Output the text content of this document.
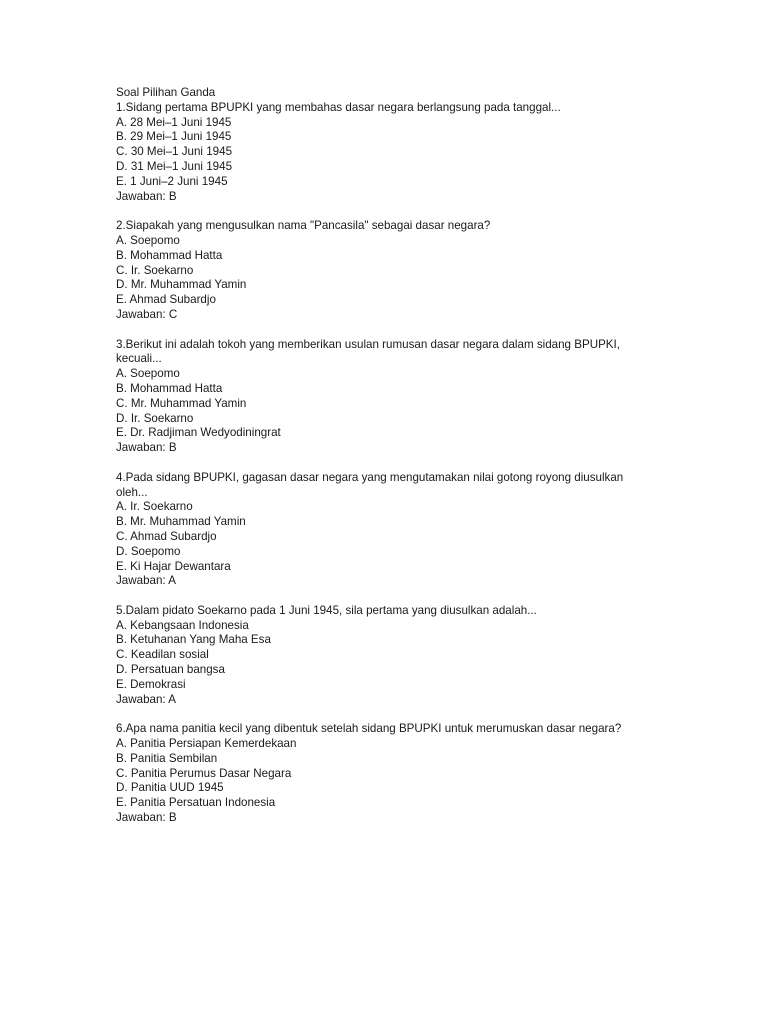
Soal Pilihan Ganda
1.Sidang pertama BPUPKI yang membahas dasar negara berlangsung pada tanggal...
A. 28 Mei–1 Juni 1945
B. 29 Mei–1 Juni 1945
C. 30 Mei–1 Juni 1945
D. 31 Mei–1 Juni 1945
E. 1 Juni–2 Juni 1945
Jawaban: B
2.Siapakah yang mengusulkan nama "Pancasila" sebagai dasar negara?
A. Soepomo
B. Mohammad Hatta
C. Ir. Soekarno
D. Mr. Muhammad Yamin
E. Ahmad Subardjo
Jawaban: C
3.Berikut ini adalah tokoh yang memberikan usulan rumusan dasar negara dalam sidang BPUPKI, kecuali...
A. Soepomo
B. Mohammad Hatta
C. Mr. Muhammad Yamin
D. Ir. Soekarno
E. Dr. Radjiman Wedyodiningrat
Jawaban: B
4.Pada sidang BPUPKI, gagasan dasar negara yang mengutamakan nilai gotong royong diusulkan oleh...
A. Ir. Soekarno
B. Mr. Muhammad Yamin
C. Ahmad Subardjo
D. Soepomo
E. Ki Hajar Dewantara
Jawaban: A
5.Dalam pidato Soekarno pada 1 Juni 1945, sila pertama yang diusulkan adalah...
A. Kebangsaan Indonesia
B. Ketuhanan Yang Maha Esa
C. Keadilan sosial
D. Persatuan bangsa
E. Demokrasi
Jawaban: A
6.Apa nama panitia kecil yang dibentuk setelah sidang BPUPKI untuk merumuskan dasar negara?
A. Panitia Persiapan Kemerdekaan
B. Panitia Sembilan
C. Panitia Perumus Dasar Negara
D. Panitia UUD 1945
E. Panitia Persatuan Indonesia
Jawaban: B
